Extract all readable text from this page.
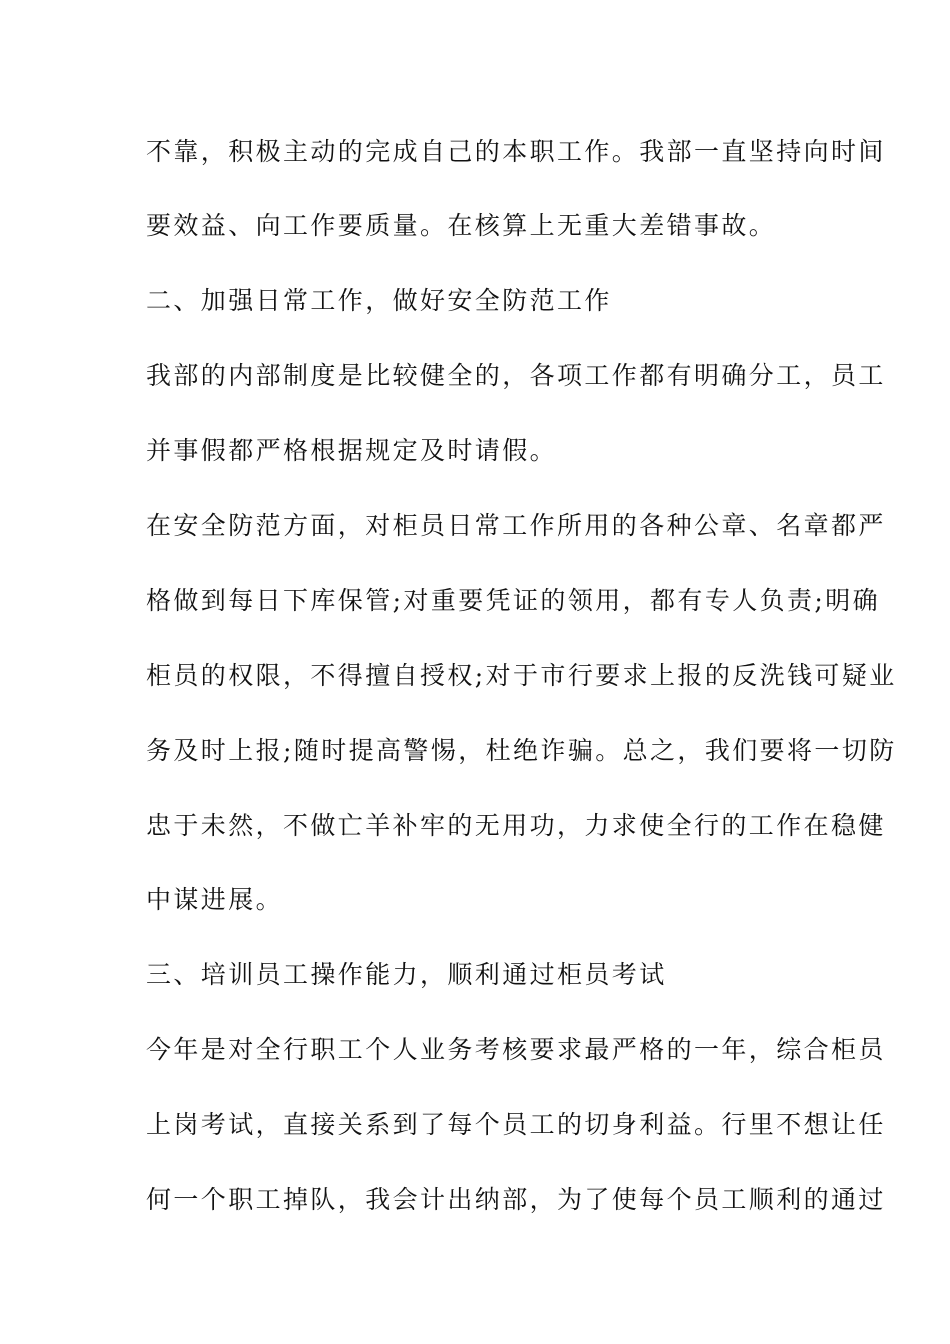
不靠，积极主动的完成自己的本职工作。我部一直坚持向时间
要效益、向工作要质量。在核算上无重大差错事故。
二、加强日常工作，做好安全防范工作
我部的内部制度是比较健全的，各项工作都有明确分工，员工
并事假都严格根据规定及时请假。
在安全防范方面，对柜员日常工作所用的各种公章、名章都严
格做到每日下库保管;对重要凭证的领用，都有专人负责;明确
柜员的权限，不得擅自授权;对于市行要求上报的反洗钱可疑业
务及时上报;随时提高警惕，杜绝诈骗。总之，我们要将一切防
忠于未然，不做亡羊补牢的无用功，力求使全行的工作在稳健
中谋进展。
三、培训员工操作能力，顺利通过柜员考试
今年是对全行职工个人业务考核要求最严格的一年，综合柜员
上岗考试，直接关系到了每个员工的切身利益。行里不想让任
何一个职工掉队，我会计出纳部，为了使每个员工顺利的通过
